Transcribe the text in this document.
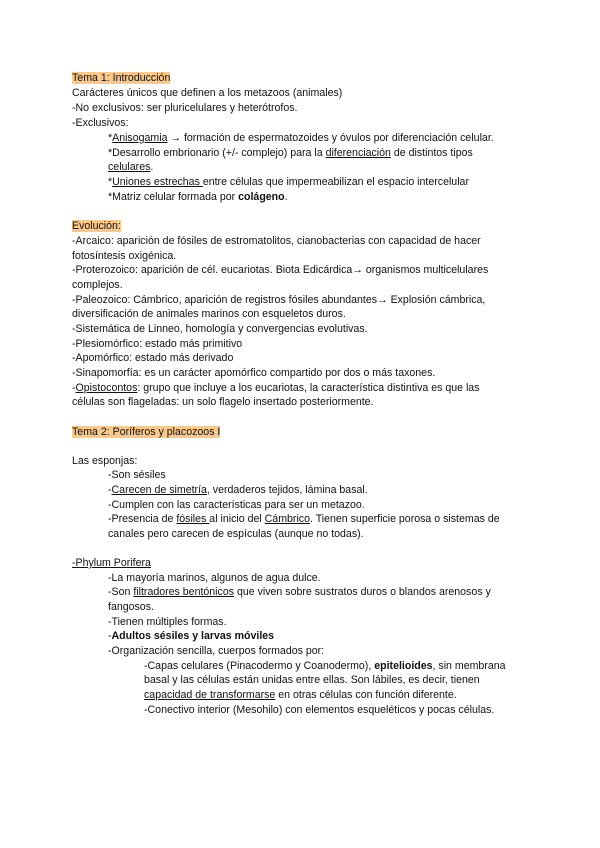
Tema 1: Introducción
Carácteres únicos que definen a los metazoos (animales)
-No exclusivos: ser pluricelulares y heterótrofos.
-Exclusivos:
*Anisogamia → formación de espermatozoides y óvulos por diferenciación celular.
*Desarrollo embrionario (+/- complejo) para la diferenciación de distintos tipos
celulares.
*Uniones estrechas entre células que impermeabilizan el espacio intercelular
*Matriz celular formada por colágeno.
Evolución:
-Arcaico: aparición de fósiles de estromatolitos, cianobacterias con capacidad de hacer
fotosíntesis oxigénica.
-Proterozoico: aparición de cél. eucariotas. Biota Edicárdica→ organismos multicelulares
complejos.
-Paleozoico: Cámbrico, aparición de registros fósiles abundantes→ Explosión cámbrica,
diversificación de animales marinos con esqueletos duros.
-Sistemática de Linneo, homología y convergencias evolutivas.
-Plesiomórfico: estado más primitivo
-Apomórfico: estado más derivado
-Sinapomorfía: es un carácter apomórfico compartido por dos o más taxones.
-Opistocontos: grupo que incluye a los eucariotas, la característica distintiva es que las
células son flageladas: un solo flagelo insertado posteriormente.
Tema 2: Poríferos y placozoos I
Las esponjas:
-Son sésiles
-Carecen de simetría, verdaderos tejidos, lámina basal.
-Cumplen con las características para ser un metazoo.
-Presencia de fósiles al inicio del Cámbrico. Tienen superficie porosa o sistemas de
canales pero carecen de espículas (aunque no todas).
-Phylum Porifera
-La mayoría marinos, algunos de agua dulce.
-Son filtradores bentónicos que viven sobre sustratos duros o blandos arenosos y
fangosos.
-Tienen múltiples formas.
-Adultos sésiles y larvas móviles
-Organización sencilla, cuerpos formados por:
-Capas celulares (Pinacodermo y Coanodermo), epitelioides, sin membrana
basal y las células están unidas entre ellas. Son lábiles, es decir, tienen
capacidad de transformarse en otras células con función diferente.
-Conectivo interior (Mesohilo) con elementos esqueléticos y pocas células.
